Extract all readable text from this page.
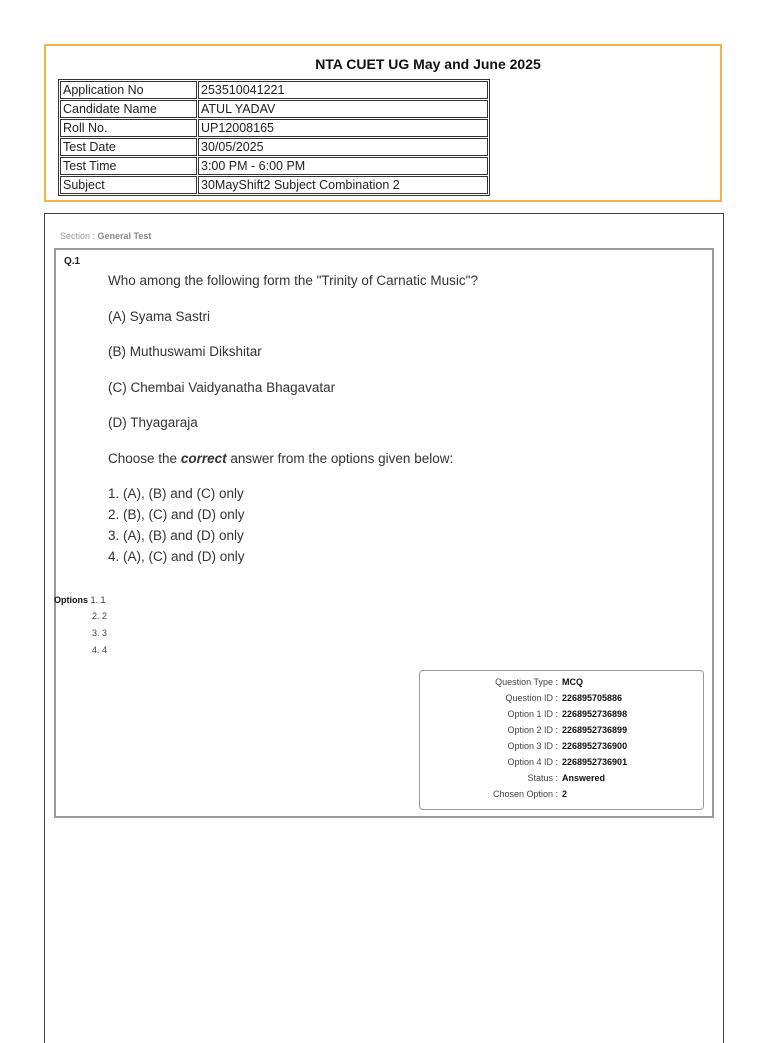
NTA CUET UG May and June 2025
Application No	253510041221
Candidate Name	ATUL YADAV
Roll No.	UP12008165
Test Date	30/05/2025
Test Time	3:00 PM - 6:00 PM
Subject	30MayShift2 Subject Combination 2
Section : General Test
Q.1
Who among the following form the "Trinity of Carnatic Music"?
(A) Syama Sastri
(B) Muthuswami Dikshitar
(C) Chembai Vaidyanatha Bhagavatar
(D) Thyagaraja
Choose the correct answer from the options given below:
1. (A), (B) and (C) only
2. (B), (C) and (D) only
3. (A), (B) and (D) only
4. (A), (C) and (D) only
Options 1. 1
2. 2
3. 3
4. 4
Question Type : MCQ
Question ID : 226895705886
Option 1 ID : 2268952736898
Option 2 ID : 2268952736899
Option 3 ID : 2268952736900
Option 4 ID : 2268952736901
Status : Answered
Chosen Option : 2
